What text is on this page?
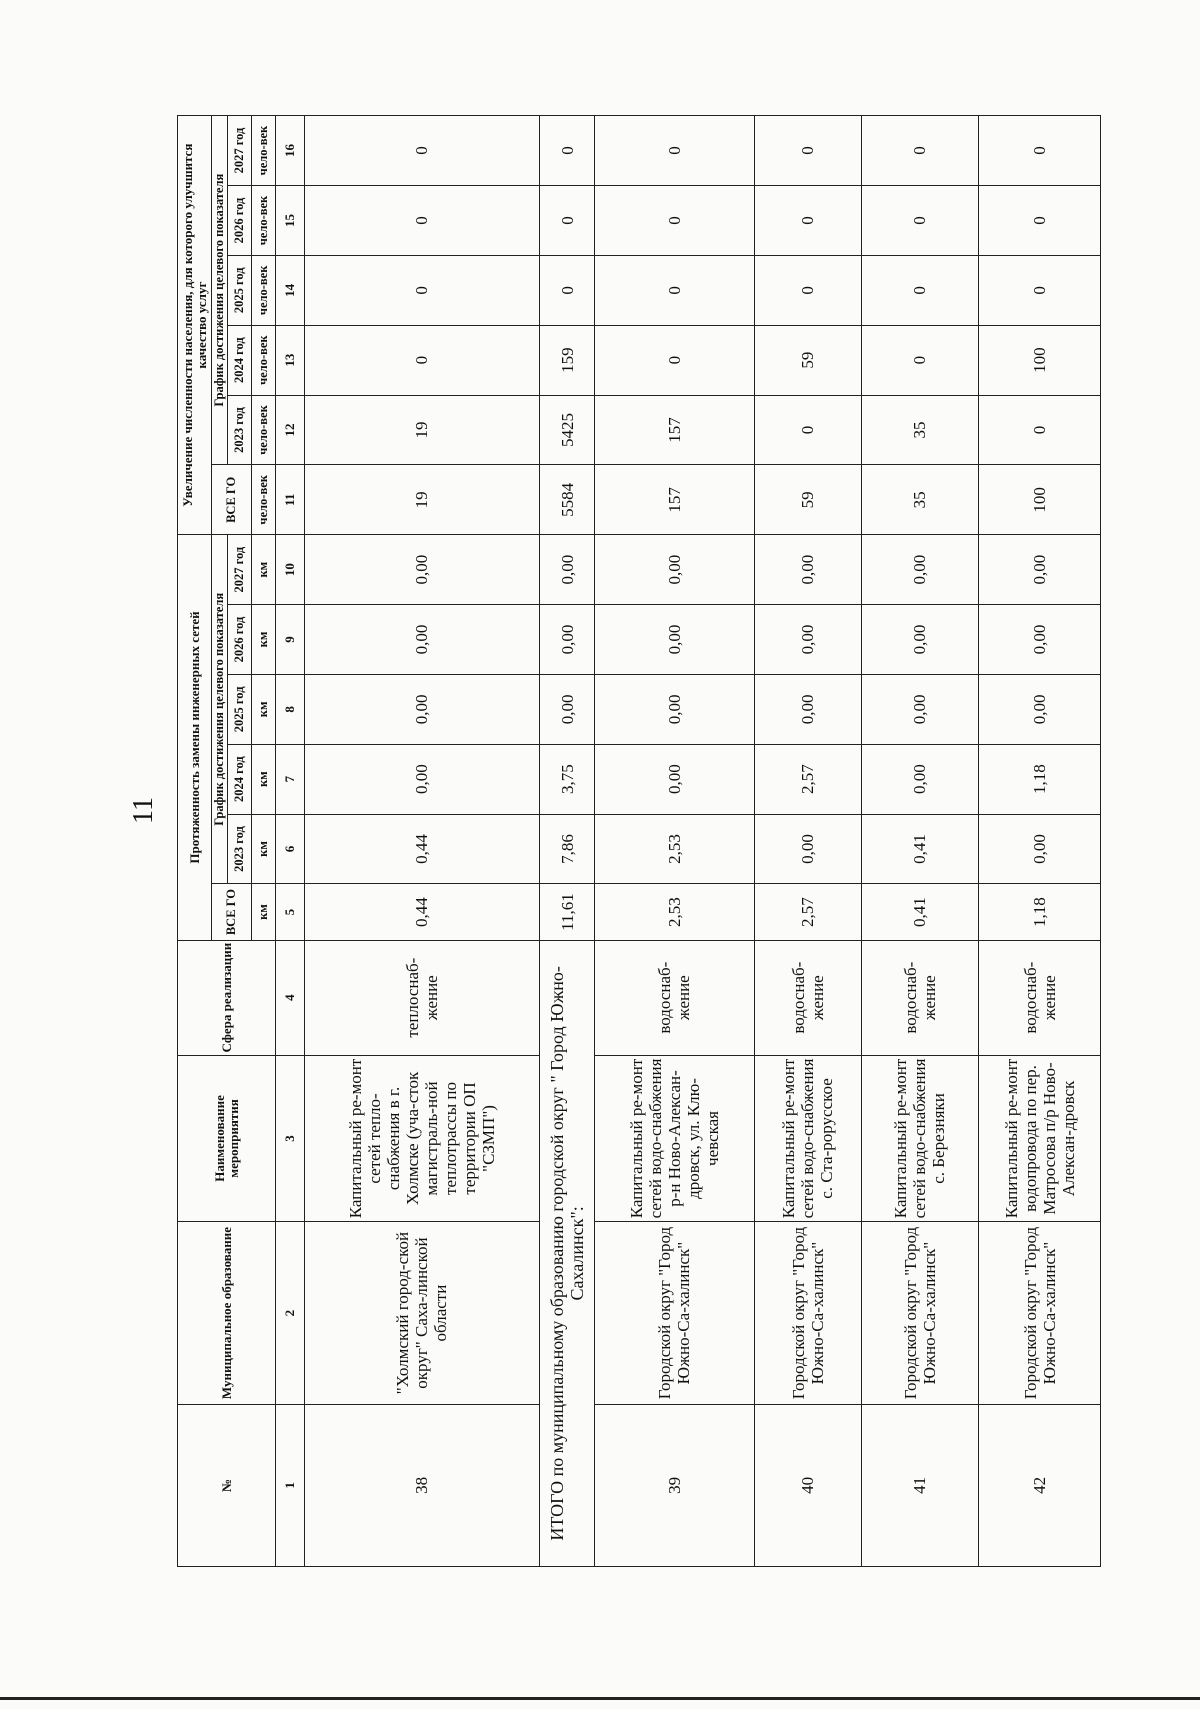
11
№	Муниципальное образование	Наименование мероприятия	Сфера реализации	Протяженность замены инженерных сетей						Увеличение численности населения, для которого улучшится качество услуг					
				ВСЕ ГО	График достижения целевого показателя					ВСЕ ГО	График достижения целевого показателя				
					2023 год	2024 год	2025 год	2026 год	2027 год		2023 год	2024 год	2025 год	2026 год	2027 год
				км	км	км	км	км	км	чело-век	чело-век	чело-век	чело-век	чело-век	чело-век
1	2	3	4	5	6	7	8	9	10	11	12	13	14	15	16
38	"Холмский город-ской округ" Саха-линской области	Капитальный ре-монт сетей тепло-снабжения в г. Холмске (уча-сток магистраль-ной теплотрассы по территории ОП "СЗМП")	теплоснаб-жение	0,44	0,44	0,00	0,00	0,00	0,00	19	19	0	0	0	0
ИТОГО по муниципальному образованию городской округ " Город Южно-Сахалинск":				11,61	7,86	3,75	0,00	0,00	0,00	5584	5425	159	0	0	0
39	Городской округ "Город Южно-Са-халинск"	Капитальный ре-монт сетей водо-снабжения р-н Ново-Алексан-дровск, ул. Клю-чевская	водоснаб-жение	2,53	2,53	0,00	0,00	0,00	0,00	157	157	0	0	0	0
40	Городской округ "Город Южно-Са-халинск"	Капитальный ре-монт сетей водо-снабжения с. Ста-рорусское	водоснаб-жение	2,57	0,00	2,57	0,00	0,00	0,00	59	0	59	0	0	0
41	Городской округ "Город Южно-Са-халинск"	Капитальный ре-монт сетей водо-снабжения с. Березняки	водоснаб-жение	0,41	0,41	0,00	0,00	0,00	0,00	35	35	0	0	0	0
42	Городской округ "Город Южно-Са-халинск"	Капитальный ре-монт водопровода по пер. Матросова п/р Ново-Алексан-дровск	водоснаб-жение	1,18	0,00	1,18	0,00	0,00	0,00	100	0	100	0	0	0
